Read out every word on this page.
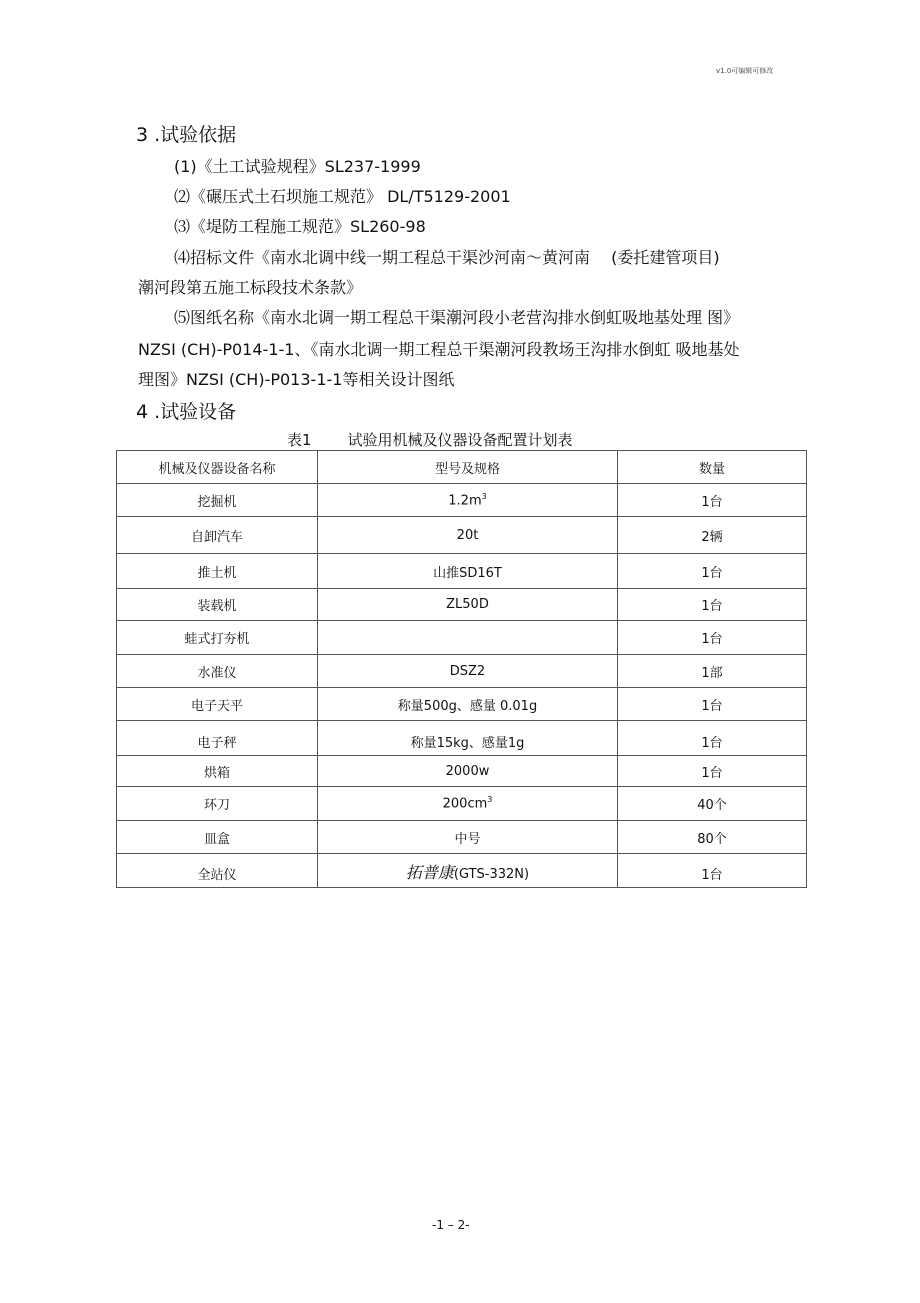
v1.0可编辑可修改
3 .试验依据
(1)《土工试验规程》SL237-1999
⑵《碾压式土石坝施工规范》 DL/T5129-2001
⑶《堤防工程施工规范》SL260-98
⑷招标文件《南水北调中线一期工程总干渠沙河南～黄河南　 (委托建管项目)
潮河段第五施工标段技术条款》
⑸图纸名称《南水北调一期工程总干渠潮河段小老营沟排水倒虹吸地基处理 图》
NZSI (CH)-P014-1-1、《南水北调一期工程总干渠潮河段教场王沟排水倒虹 吸地基处
理图》NZSI (CH)-P013-1-1等相关设计图纸
4 .试验设备
表1 试验用机械及仪器设备配置计划表
机械及仪器设备名称	型号及规格	数量
挖掘机	$1.2m^3$	1台
自卸汽车	20t	2辆
推土机	山推SD16T	1台
装载机	ZL50D	1台
蛙式打夯机		1台
水准仪	DSZ2	1部
电子天平	称量500g、感量 0.01g	1台
电子秤	称量15kg、感量1g	1台
烘箱	2000w	1台
环刀	$200cm^3$	40个
皿盒	中号	80个
全站仪	拓普康(GTS-332N)	1台
-1 – 2-
